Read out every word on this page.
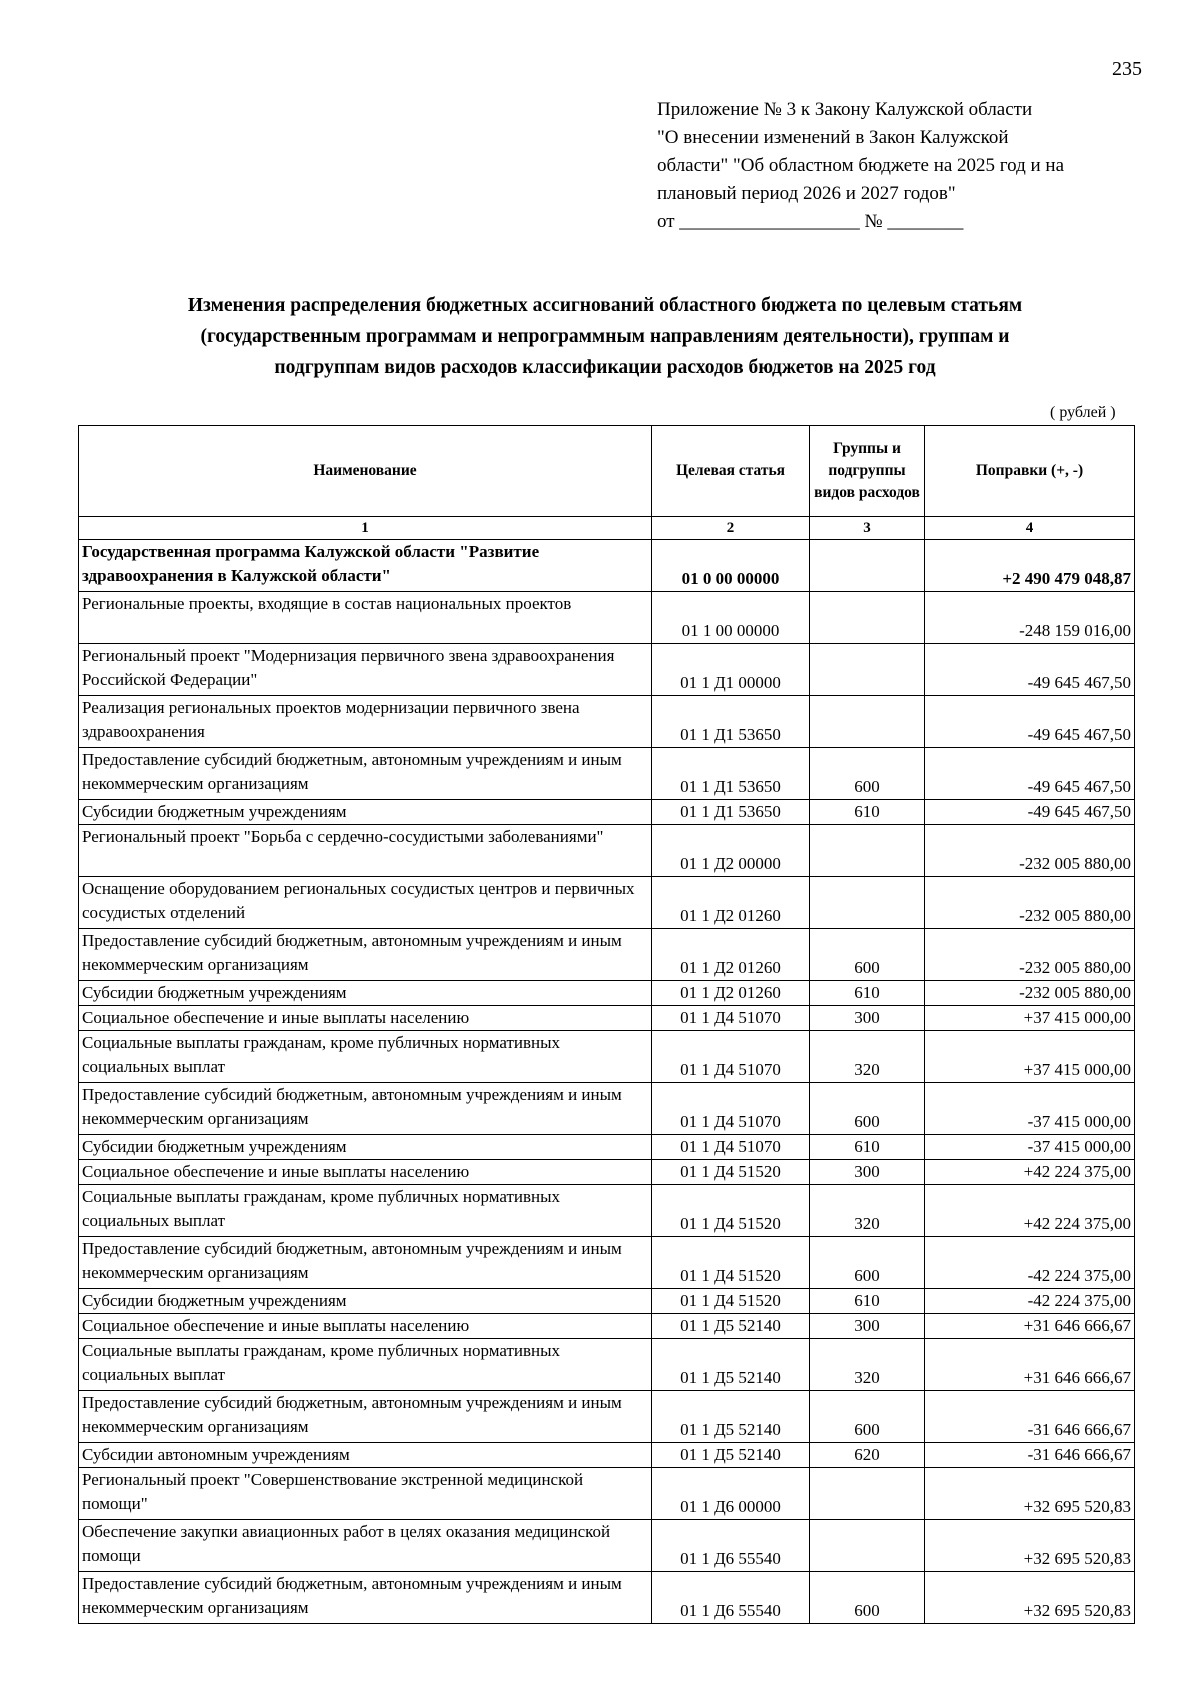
235
Приложение № 3 к Закону Калужской области
"О внесении изменений в Закон Калужской
области" "Об областном бюджете на 2025 год и на
плановый период 2026 и 2027 годов"
от ___________________ № ________
Изменения распределения бюджетных ассигнований областного бюджета по целевым статьям
(государственным программам и непрограммным направлениям деятельности), группам и
подгруппам видов расходов классификации расходов бюджетов на 2025 год
( рублей )
Наименование	Целевая статья	Группы и подгруппы видов расходов	Поправки (+, -)
1	2	3	4
Государственная программа Калужской области "Развитие здравоохранения в Калужской области"	01 0 00 00000		+2 490 479 048,87
Региональные проекты, входящие в состав национальных проектов	01 1 00 00000		-248 159 016,00
Региональный проект "Модернизация первичного звена здравоохранения Российской Федерации"	01 1 Д1 00000		-49 645 467,50
Реализация региональных проектов модернизации первичного звена здравоохранения	01 1 Д1 53650		-49 645 467,50
Предоставление субсидий бюджетным, автономным учреждениям и иным некоммерческим организациям	01 1 Д1 53650	600	-49 645 467,50
Субсидии бюджетным учреждениям	01 1 Д1 53650	610	-49 645 467,50
Региональный проект "Борьба с сердечно-сосудистыми заболеваниями"	01 1 Д2 00000		-232 005 880,00
Оснащение оборудованием региональных сосудистых центров и первичных сосудистых отделений	01 1 Д2 01260		-232 005 880,00
Предоставление субсидий бюджетным, автономным учреждениям и иным некоммерческим организациям	01 1 Д2 01260	600	-232 005 880,00
Субсидии бюджетным учреждениям	01 1 Д2 01260	610	-232 005 880,00
Социальное обеспечение и иные выплаты населению	01 1 Д4 51070	300	+37 415 000,00
Социальные выплаты гражданам, кроме публичных нормативных социальных выплат	01 1 Д4 51070	320	+37 415 000,00
Предоставление субсидий бюджетным, автономным учреждениям и иным некоммерческим организациям	01 1 Д4 51070	600	-37 415 000,00
Субсидии бюджетным учреждениям	01 1 Д4 51070	610	-37 415 000,00
Социальное обеспечение и иные выплаты населению	01 1 Д4 51520	300	+42 224 375,00
Социальные выплаты гражданам, кроме публичных нормативных социальных выплат	01 1 Д4 51520	320	+42 224 375,00
Предоставление субсидий бюджетным, автономным учреждениям и иным некоммерческим организациям	01 1 Д4 51520	600	-42 224 375,00
Субсидии бюджетным учреждениям	01 1 Д4 51520	610	-42 224 375,00
Социальное обеспечение и иные выплаты населению	01 1 Д5 52140	300	+31 646 666,67
Социальные выплаты гражданам, кроме публичных нормативных социальных выплат	01 1 Д5 52140	320	+31 646 666,67
Предоставление субсидий бюджетным, автономным учреждениям и иным некоммерческим организациям	01 1 Д5 52140	600	-31 646 666,67
Субсидии автономным учреждениям	01 1 Д5 52140	620	-31 646 666,67
Региональный проект "Совершенствование экстренной медицинской помощи"	01 1 Д6 00000		+32 695 520,83
Обеспечение закупки авиационных работ в целях оказания медицинской помощи	01 1 Д6 55540		+32 695 520,83
Предоставление субсидий бюджетным, автономным учреждениям и иным некоммерческим организациям	01 1 Д6 55540	600	+32 695 520,83
